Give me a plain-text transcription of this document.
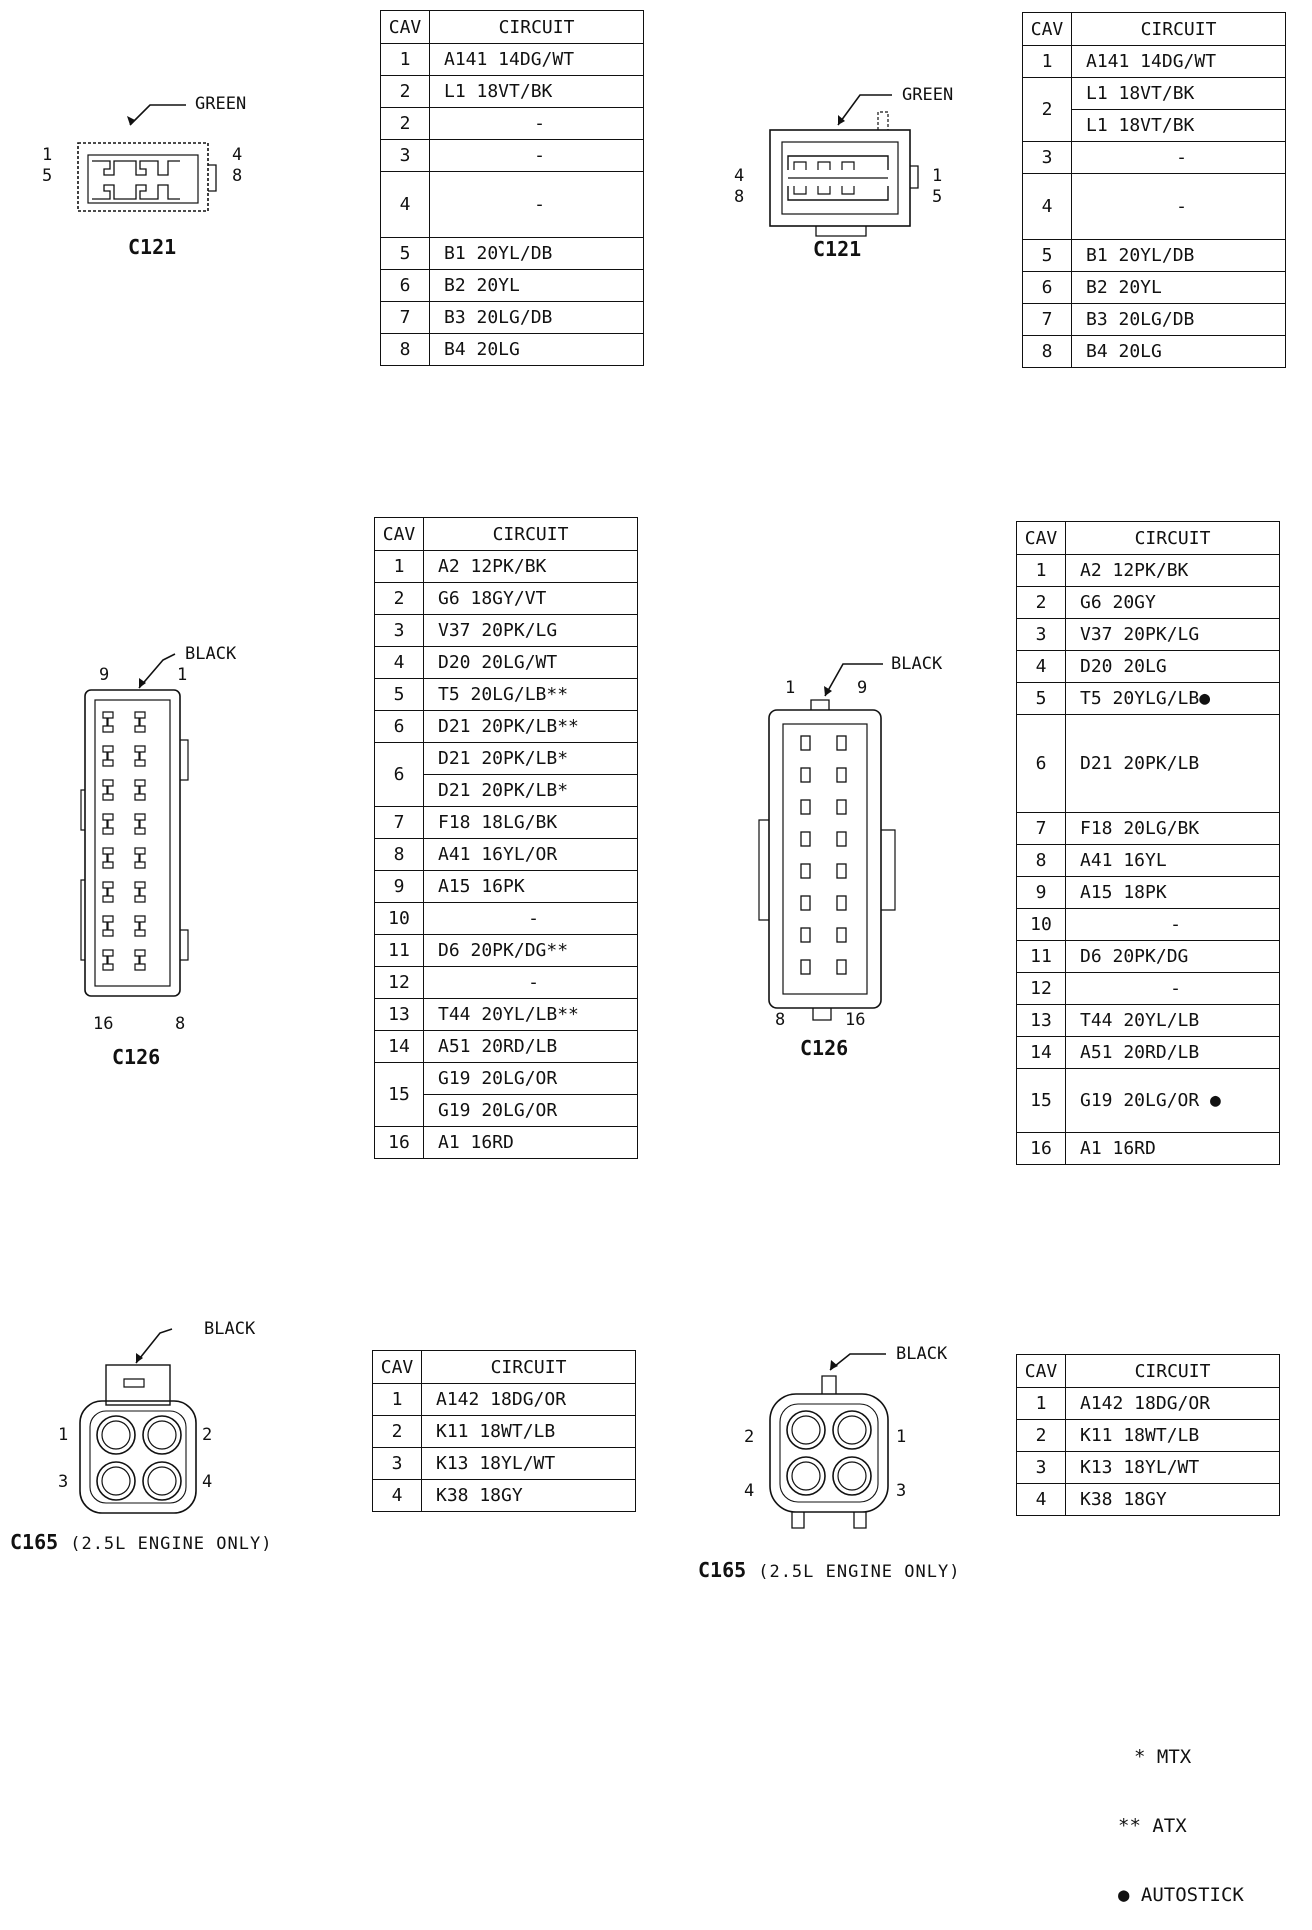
GREEN
1
5
4
8
C121
CAV	CIRCUIT
1	A141 14DG/WT
2	L1 18VT/BK
2	-
3	-
4	-
5	B1 20YL/DB
6	B2 20YL
7	B3 20LG/DB
8	B4 20LG
GREEN
4
8
1
5
C121
CAV	CIRCUIT
1	A141 14DG/WT
2	L1 18VT/BK
	L1 18VT/BK
3	-
4	-
5	B1 20YL/DB
6	B2 20YL
7	B3 20LG/DB
8	B4 20LG
BLACK
9	1
16	8
C126
CAV	CIRCUIT
1	A2 12PK/BK
2	G6 18GY/VT
3	V37 20PK/LG
4	D20 20LG/WT
5	T5 20LG/LB**
6	D21 20PK/LB**
6	D21 20PK/LB*
	D21 20PK/LB*
7	F18 18LG/BK
8	A41 16YL/OR
9	A15 16PK
10	-
11	D6 20PK/DG**
12	-
13	T44 20YL/LB**
14	A51 20RD/LB
15	G19 20LG/OR
	G19 20LG/OR
16	A1 16RD
BLACK
1	9
8	16
C126
CAV	CIRCUIT
1	A2 12PK/BK
2	G6 20GY
3	V37 20PK/LG
4	D20 20LG
5	T5 20YLG/LB●
6	D21 20PK/LB
7	F18 20LG/BK
8	A41 16YL
9	A15 18PK
10	-
11	D6 20PK/DG
12	-
13	T44 20YL/LB
14	A51 20RD/LB
15	G19 20LG/OR ●
16	A1 16RD
BLACK
1	2
3	4
C165 (2.5L ENGINE ONLY)
CAV	CIRCUIT
1	A142 18DG/OR
2	K11 18WT/LB
3	K13 18YL/WT
4	K38 18GY
BLACK
2	1
4	3
C165 (2.5L ENGINE ONLY)
CAV	CIRCUIT
1	A142 18DG/OR
2	K11 18WT/LB
3	K13 18YL/WT
4	K38 18GY

* MTX

** ATX

● AUTOSTICK
